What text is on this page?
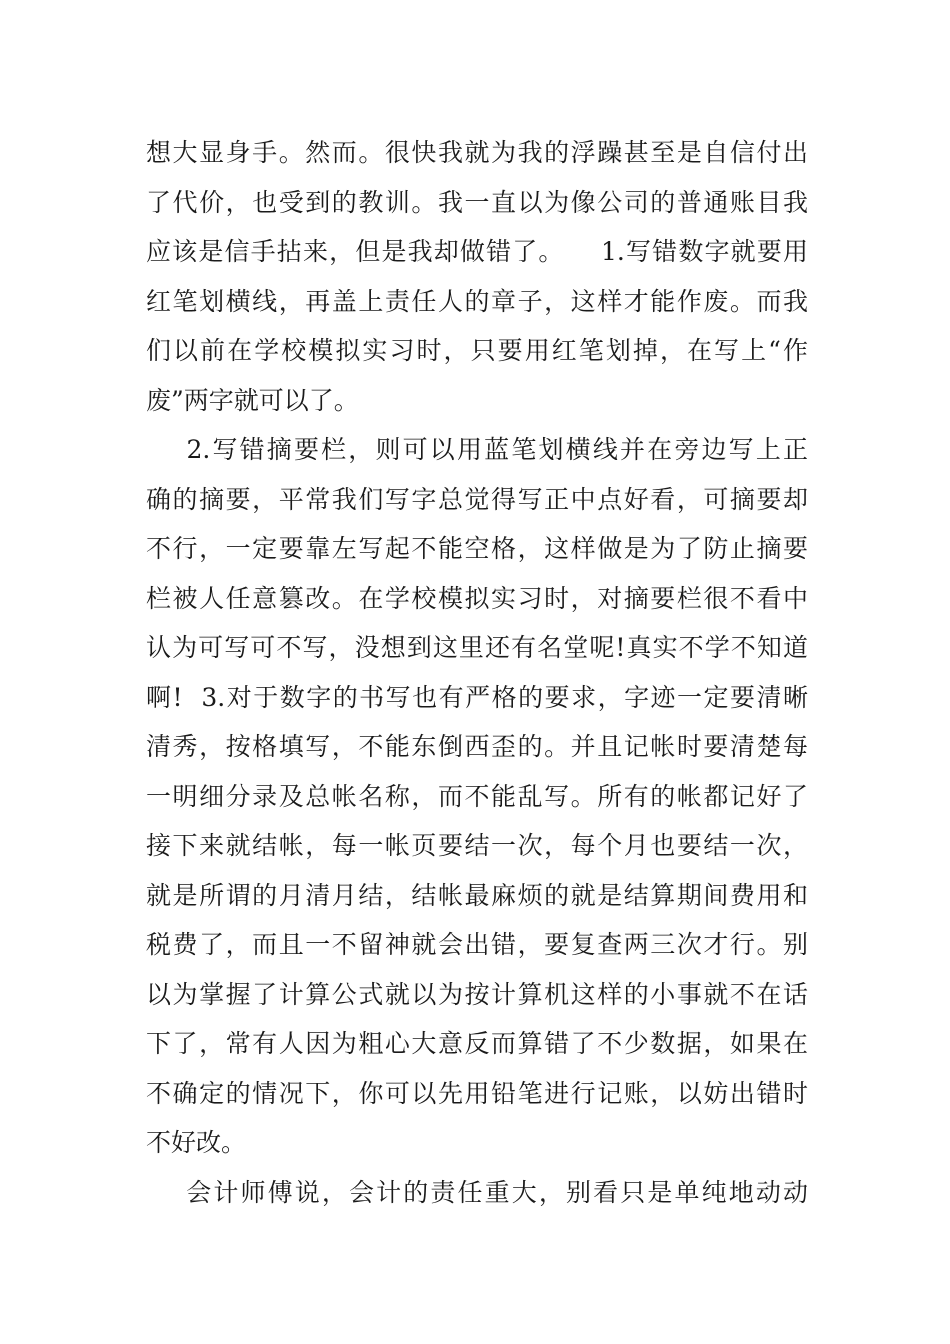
想大显身手。然而。很快我就为我的浮躁甚至是自信付出
了代价，也受到的教训。我一直以为像公司的普通账目我
应该是信手拈来，但是我却做错了。    1.写错数字就要用
红笔划横线，再盖上责任人的章子，这样才能作废。而我
们以前在学校模拟实习时，只要用红笔划掉，在写上“作
废”两字就可以了。
2.写错摘要栏，则可以用蓝笔划横线并在旁边写上正
确的摘要，平常我们写字总觉得写正中点好看，可摘要却
不行，一定要靠左写起不能空格，这样做是为了防止摘要
栏被人任意篡改。在学校模拟实习时，对摘要栏很不看中
认为可写可不写，没想到这里还有名堂呢!真实不学不知道
啊!  3.对于数字的书写也有严格的要求，字迹一定要清晰
清秀，按格填写，不能东倒西歪的。并且记帐时要清楚每
一明细分录及总帐名称，而不能乱写。所有的帐都记好了
接下来就结帐，每一帐页要结一次，每个月也要结一次，
就是所谓的月清月结，结帐最麻烦的就是结算期间费用和
税费了，而且一不留神就会出错，要复查两三次才行。别
以为掌握了计算公式就以为按计算机这样的小事就不在话
下了，常有人因为粗心大意反而算错了不少数据，如果在
不确定的情况下，你可以先用铅笔进行记账，以妨出错时
不好改。
会计师傅说，会计的责任重大，别看只是单纯地动动
